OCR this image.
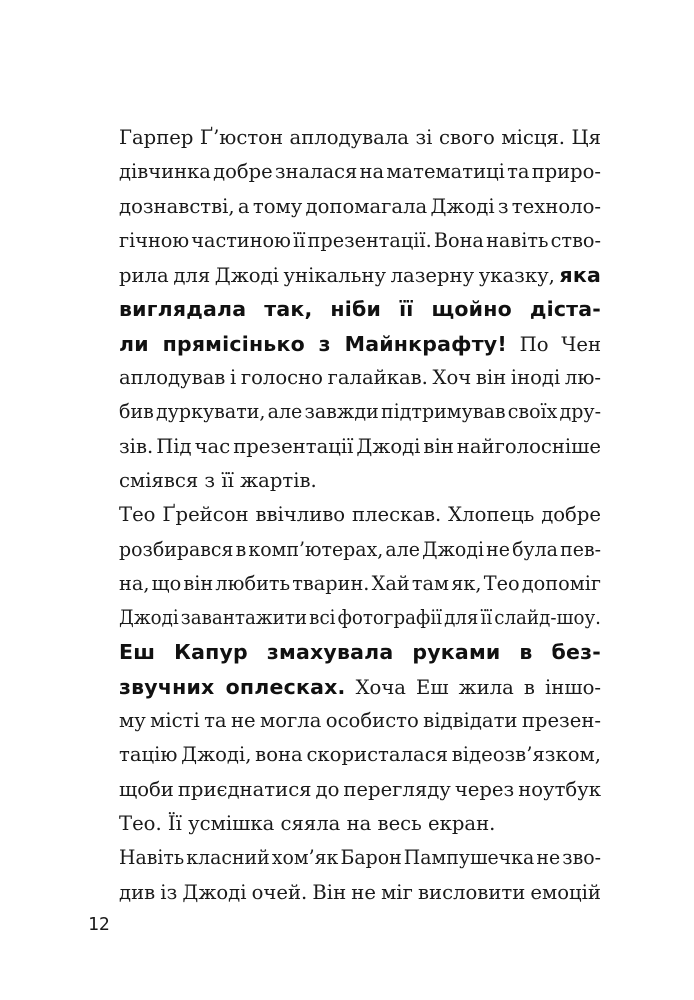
Гарпер Ґ’юстон аплодувала зі свого місця. Ця
дівчинка добре зналася на математиці та приро-
дознавстві, а тому допомагала Джоді з техноло-
гічною частиною її презентації. Вона навіть ство-
рила для Джоді унікальну лазерну указку, яка
виглядала так, ніби її щойно діста-
ли прямісінько з Майнкрафту! По Чен
аплодував і голосно галайкав. Хоч він іноді лю-
бив дуркувати, але завжди підтримував своїх дру-
зів. Під час презентації Джоді він найголосніше
сміявся з її жартів.
Тео Ґрейсон ввічливо плескав. Хлопець добре
розбирався в комп’ютерах, але Джоді не була пев-
на, що він любить тварин. Хай там як, Тео допоміг
Джоді завантажити всі фотографії для її слайд-шоу.
Еш Капур змахувала руками в без-
звучних оплесках. Хоча Еш жила в іншо-
му місті та не могла особисто відвідати презен-
тацію Джоді, вона скористалася відеозв’язком,
щоби приєднатися до перегляду через ноутбук
Тео. Її усмішка сяяла на весь екран.
Навіть класний хом’як Барон Пампушечка не зво-
див із Джоді очей. Він не міг висловити емоцій
12
